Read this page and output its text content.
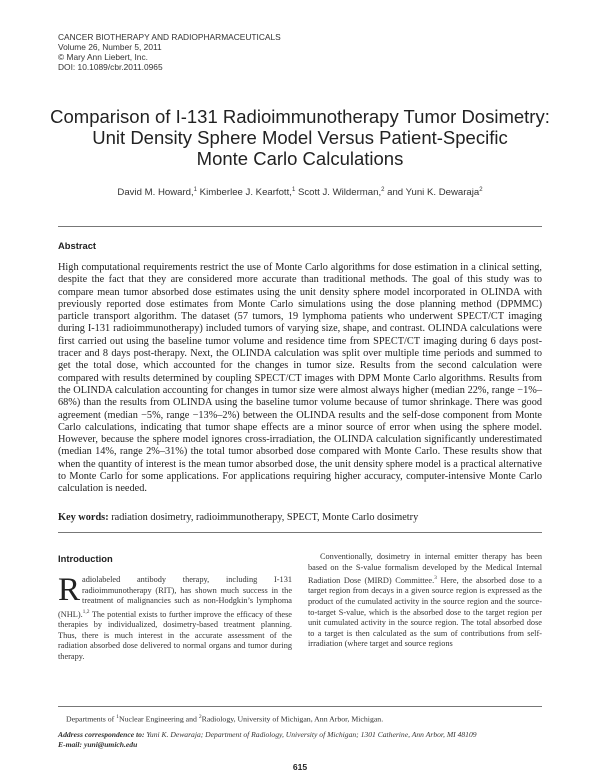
CANCER BIOTHERAPY AND RADIOPHARMACEUTICALS
Volume 26, Number 5, 2011
© Mary Ann Liebert, Inc.
DOI: 10.1089/cbr.2011.0965
Comparison of I-131 Radioimmunotherapy Tumor Dosimetry:
Unit Density Sphere Model Versus Patient-Specific
Monte Carlo Calculations
David M. Howard,$^1$ Kimberlee J. Kearfott,$^1$ Scott J. Wilderman,$^2$ and Yuni K. Dewaraja$^2$
Abstract
High computational requirements restrict the use of Monte Carlo algorithms for dose estimation in a clinical setting, despite the fact that they are considered more accurate than traditional methods. The goal of this study was to compare mean tumor absorbed dose estimates using the unit density sphere model incorporated in OLINDA with previously reported dose estimates from Monte Carlo simulations using the dose planning method (DPMMC) particle transport algorithm. The dataset (57 tumors, 19 lymphoma patients who underwent SPECT/CT imaging during I-131 radioimmunotherapy) included tumors of varying size, shape, and contrast. OLINDA calculations were first carried out using the baseline tumor volume and residence time from SPECT/CT imaging during 6 days post-tracer and 8 days post-therapy. Next, the OLINDA calculation was split over multiple time periods and summed to get the total dose, which accounted for the changes in tumor size. Results from the second calculation were compared with results determined by coupling SPECT/CT images with DPM Monte Carlo algorithms. Results from the OLINDA calculation accounting for changes in tumor size were almost always higher (median 22%, range −1%–68%) than the results from OLINDA using the baseline tumor volume because of tumor shrinkage. There was good agreement (median −5%, range −13%–2%) between the OLINDA results and the self-dose component from Monte Carlo calculations, indicating that tumor shape effects are a minor source of error when using the sphere model. However, because the sphere model ignores cross-irradiation, the OLINDA calculation significantly underestimated (median 14%, range 2%–31%) the total tumor absorbed dose compared with Monte Carlo. These results show that when the quantity of interest is the mean tumor absorbed dose, the unit density sphere model is a practical alternative to Monte Carlo for some applications. For applications requiring higher accuracy, computer-intensive Monte Carlo calculation is needed.
Key words: radiation dosimetry, radioimmunotherapy, SPECT, Monte Carlo dosimetry
Introduction
Radiolabeled antibody therapy, including I-131 radioimmunotherapy (RIT), has shown much success in the treatment of malignancies such as non-Hodgkin’s lymphoma (NHL).$^{1,2}$ The potential exists to further improve the efficacy of these therapies by individualized, dosimetry-based treatment planning. Thus, there is much interest in the accurate assessment of the radiation absorbed dose delivered to normal organs and tumor during therapy.
Conventionally, dosimetry in internal emitter therapy has been based on the S-value formalism developed by the Medical Internal Radiation Dose (MIRD) Committee.$^3$ Here, the absorbed dose to a target region from decays in a given source region is expressed as the product of the cumulated activity in the source region and the source-to-target S-value, which is the absorbed dose to the target region per unit cumulated activity in the source region. The total absorbed dose to a target is then calculated as the sum of contributions from self-irradiation (where target and source regions
Departments of $^1$Nuclear Engineering and $^2$Radiology, University of Michigan, Ann Arbor, Michigan.
Address correspondence to: Yuni K. Dewaraja; Department of Radiology, University of Michigan; 1301 Catherine, Ann Arbor, MI 48109
E-mail: yuni@umich.edu
615
